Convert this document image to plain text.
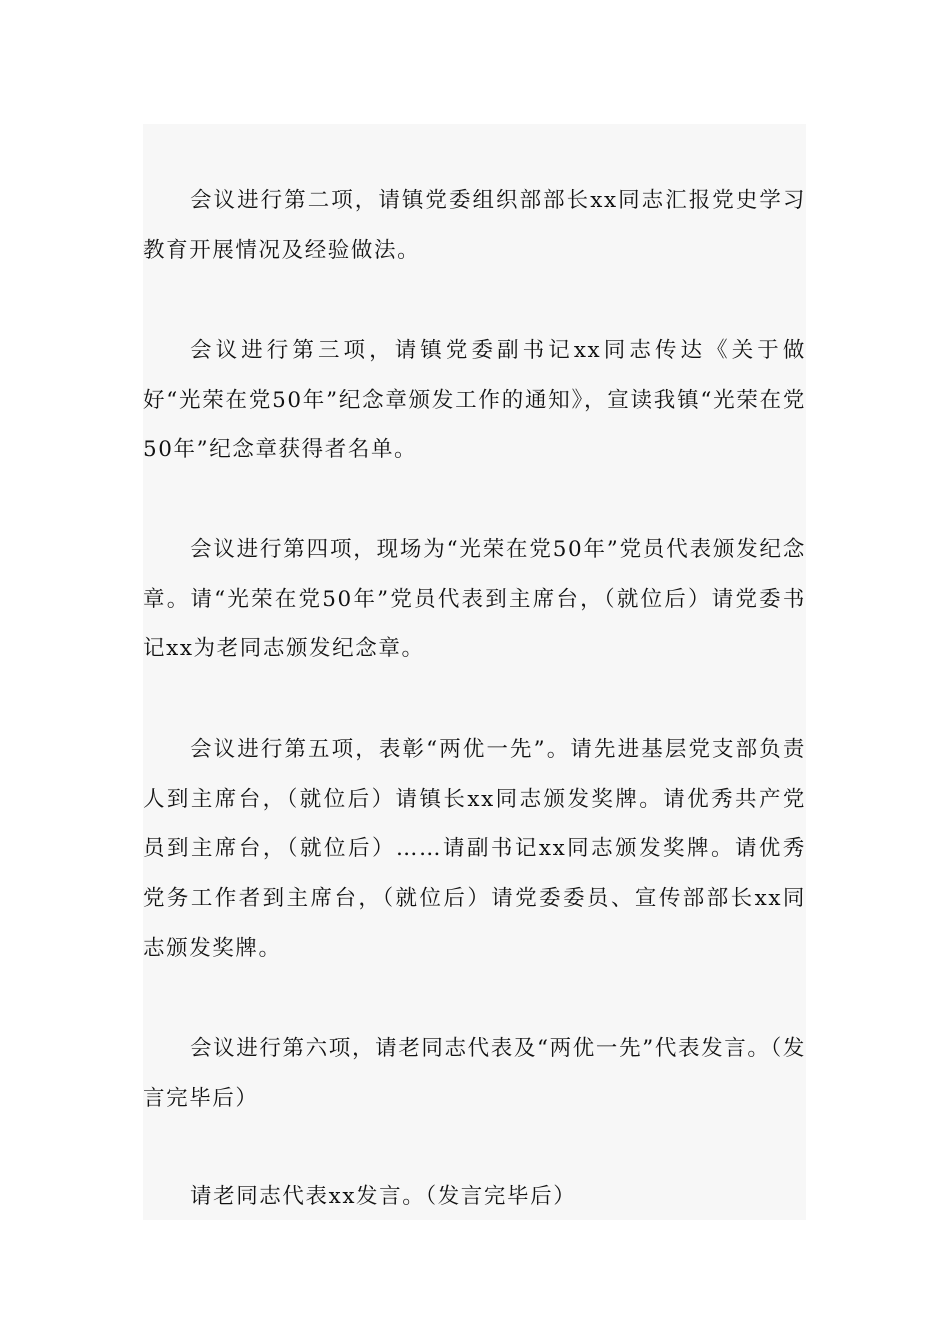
会议进行第二项，请镇党委组织部部长xx同志汇报党史学习教育开展情况及经验做法。

会议进行第三项，请镇党委副书记xx同志传达《关于做好“光荣在党50年”纪念章颁发工作的通知》，宣读我镇“光荣在党50年”纪念章获得者名单。

会议进行第四项，现场为“光荣在党50年”党员代表颁发纪念章。请“光荣在党50年”党员代表到主席台，（就位后）请党委书记xx为老同志颁发纪念章。

会议进行第五项，表彰“两优一先”。请先进基层党支部负责人到主席台，（就位后）请镇长xx同志颁发奖牌。请优秀共产党员到主席台，（就位后）……请副书记xx同志颁发奖牌。请优秀党务工作者到主席台，（就位后）请党委委员、宣传部部长xx同志颁发奖牌。

会议进行第六项，请老同志代表及“两优一先”代表发言。（发言完毕后）

请老同志代表xx发言。（发言完毕后）
